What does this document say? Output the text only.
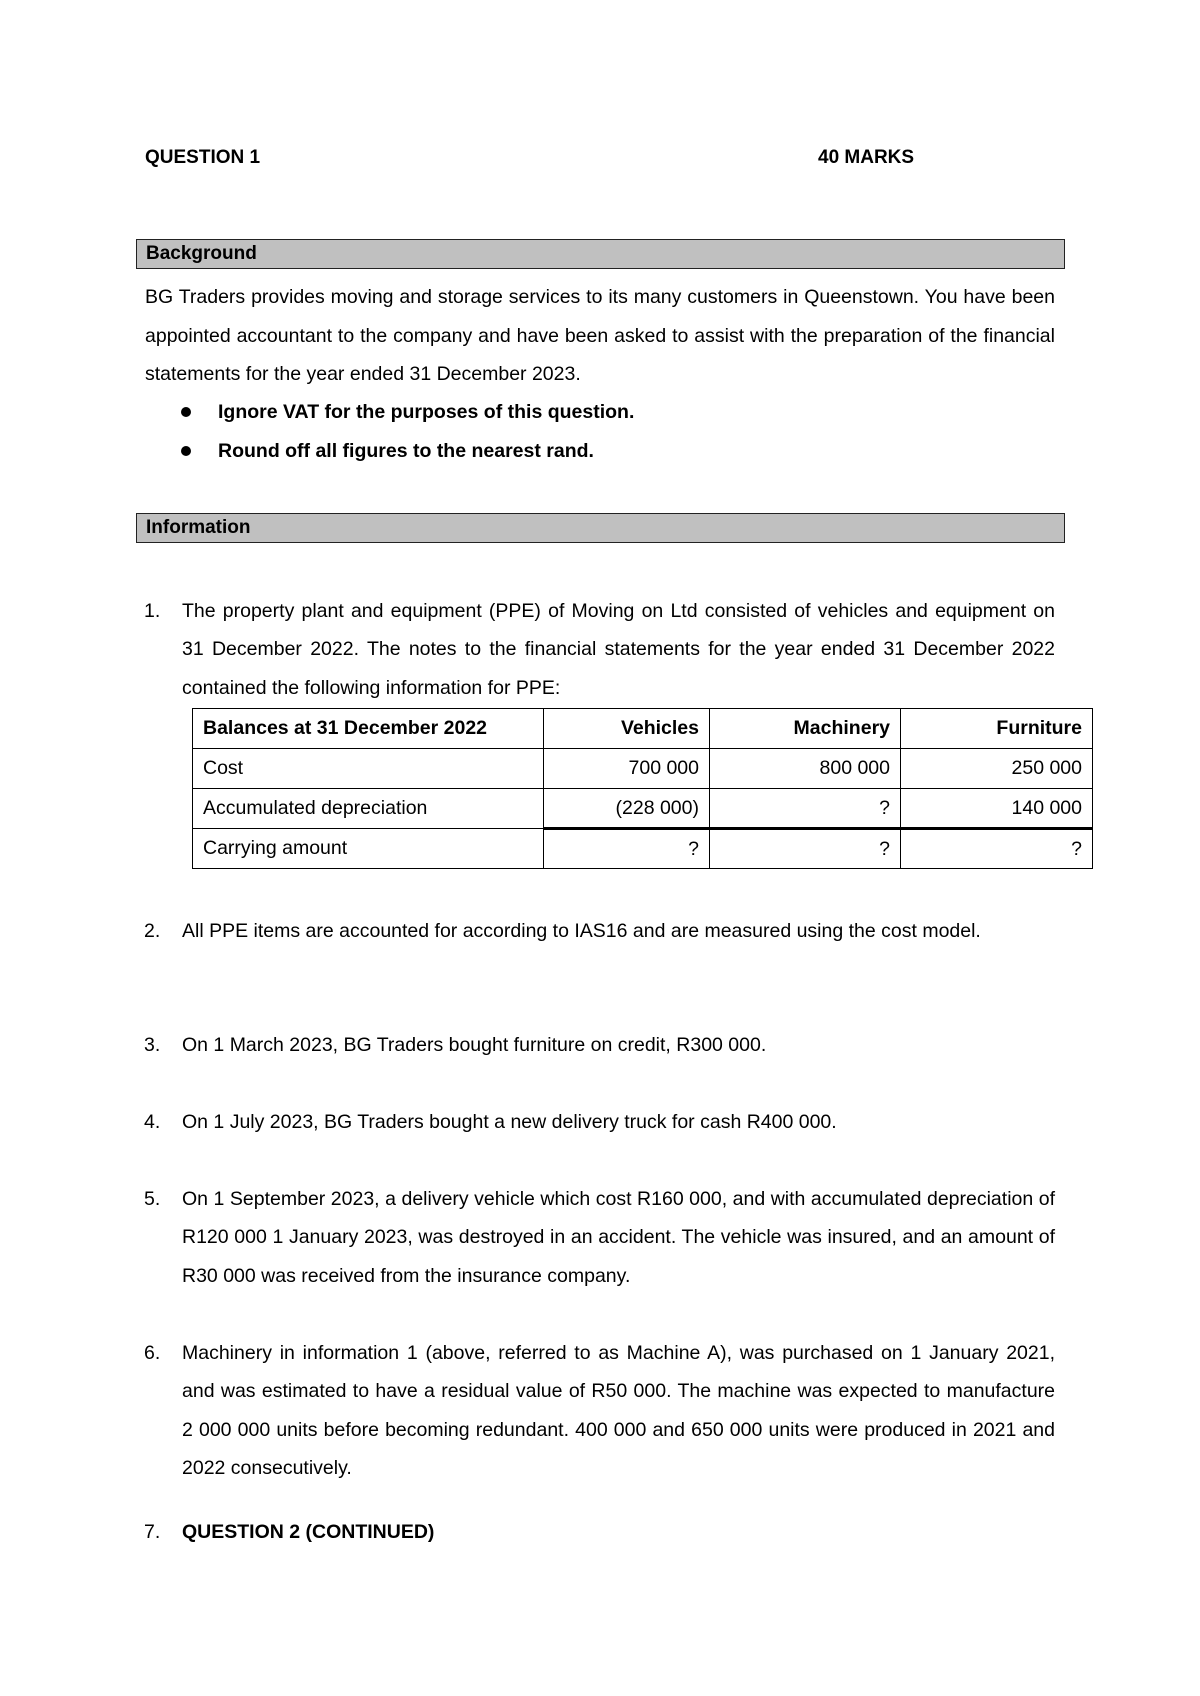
QUESTION 1	40 MARKS
Background
BG Traders provides moving and storage services to its many customers in Queenstown. You have been appointed accountant to the company and have been asked to assist with the preparation of the financial statements for the year ended 31 December 2023.
Ignore VAT for the purposes of this question.
Round off all figures to the nearest rand.
Information
1. The property plant and equipment (PPE) of Moving on Ltd consisted of vehicles and equipment on 31 December 2022. The notes to the financial statements for the year ended 31 December 2022 contained the following information for PPE:
Balances at 31 December 2022	Vehicles	Machinery	Furniture
Cost	700 000	800 000	250 000
Accumulated depreciation	(228 000)	?	140 000
Carrying amount	?	?	?
2. All PPE items are accounted for according to IAS16 and are measured using the cost model.
3. On 1 March 2023, BG Traders bought furniture on credit, R300 000.
4. On 1 July 2023, BG Traders bought a new delivery truck for cash R400 000.
5. On 1 September 2023, a delivery vehicle which cost R160 000, and with accumulated depreciation of R120 000 1 January 2023, was destroyed in an accident. The vehicle was insured, and an amount of R30 000 was received from the insurance company.
6. Machinery in information 1 (above, referred to as Machine A), was purchased on 1 January 2021, and was estimated to have a residual value of R50 000. The machine was expected to manufacture 2 000 000 units before becoming redundant. 400 000 and 650 000 units were produced in 2021 and 2022 consecutively.
7. QUESTION 2 (CONTINUED)
